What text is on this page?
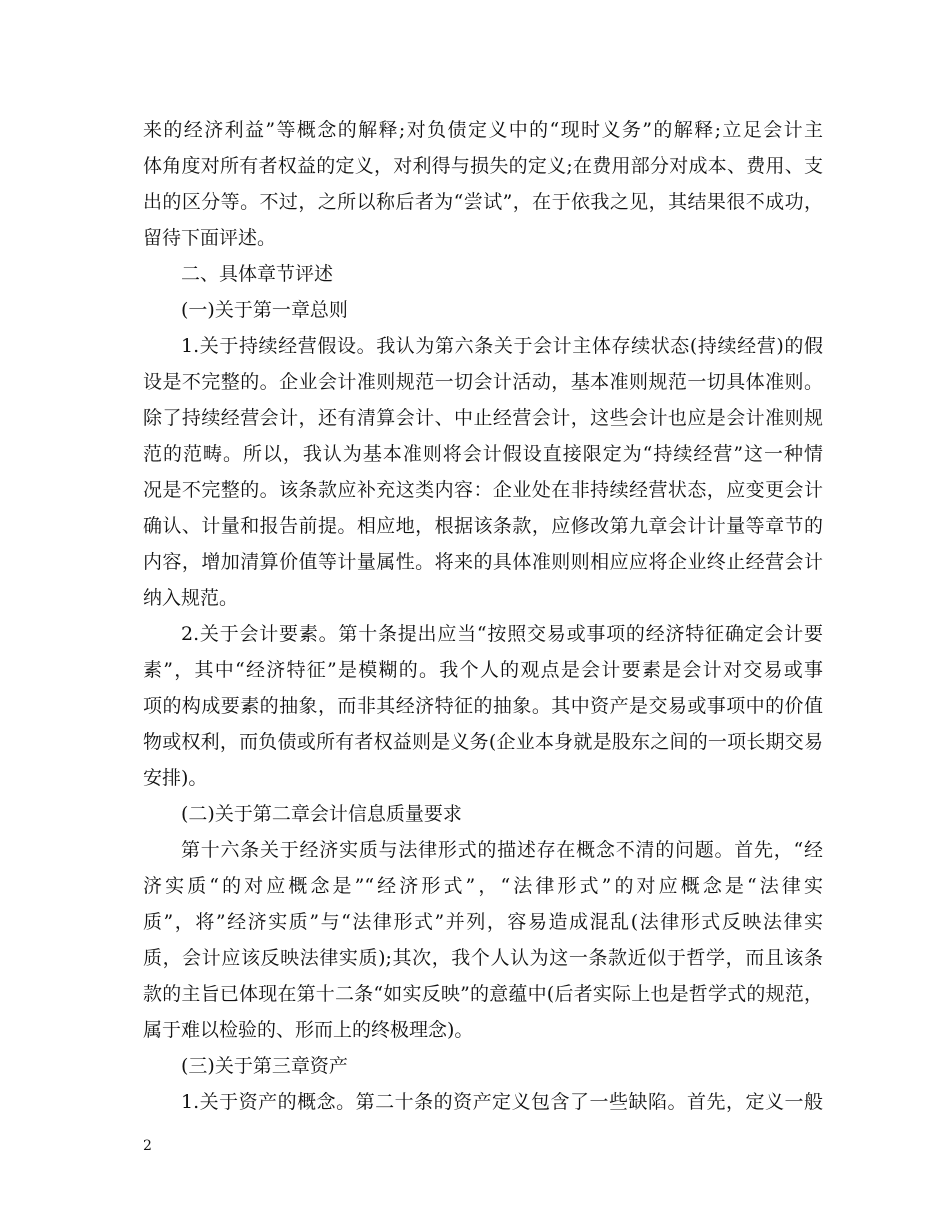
来的经济利益”等概念的解释;对负债定义中的“现时义务”的解释;立足会计主
体角度对所有者权益的定义，对利得与损失的定义;在费用部分对成本、费用、支
出的区分等。不过，之所以称后者为“尝试”，在于依我之见，其结果很不成功，
留待下面评述。
二、具体章节评述
(一)关于第一章总则
1.关于持续经营假设。我认为第六条关于会计主体存续状态(持续经营)的假
设是不完整的。企业会计准则规范一切会计活动，基本准则规范一切具体准则。
除了持续经营会计，还有清算会计、中止经营会计，这些会计也应是会计准则规
范的范畴。所以，我认为基本准则将会计假设直接限定为“持续经营”这一种情
况是不完整的。该条款应补充这类内容：企业处在非持续经营状态，应变更会计
确认、计量和报告前提。相应地，根据该条款，应修改第九章会计计量等章节的
内容，增加清算价值等计量属性。将来的具体准则则相应应将企业终止经营会计
纳入规范。
2.关于会计要素。第十条提出应当“按照交易或事项的经济特征确定会计要
素”，其中“经济特征”是模糊的。我个人的观点是会计要素是会计对交易或事
项的构成要素的抽象，而非其经济特征的抽象。其中资产是交易或事项中的价值
物或权利，而负债或所有者权益则是义务(企业本身就是股东之间的一项长期交易
安排)。
(二)关于第二章会计信息质量要求
第十六条关于经济实质与法律形式的描述存在概念不清的问题。首先，“经
济实质“的对应概念是”“经济形式”，“法律形式”的对应概念是“法律实
质”，将”经济实质”与“法律形式”并列，容易造成混乱(法律形式反映法律实
质，会计应该反映法律实质);其次，我个人认为这一条款近似于哲学，而且该条
款的主旨已体现在第十二条“如实反映”的意蕴中(后者实际上也是哲学式的规范，
属于难以检验的、形而上的终极理念)。
(三)关于第三章资产
1.关于资产的概念。第二十条的资产定义包含了一些缺陷。首先，定义一般
2
